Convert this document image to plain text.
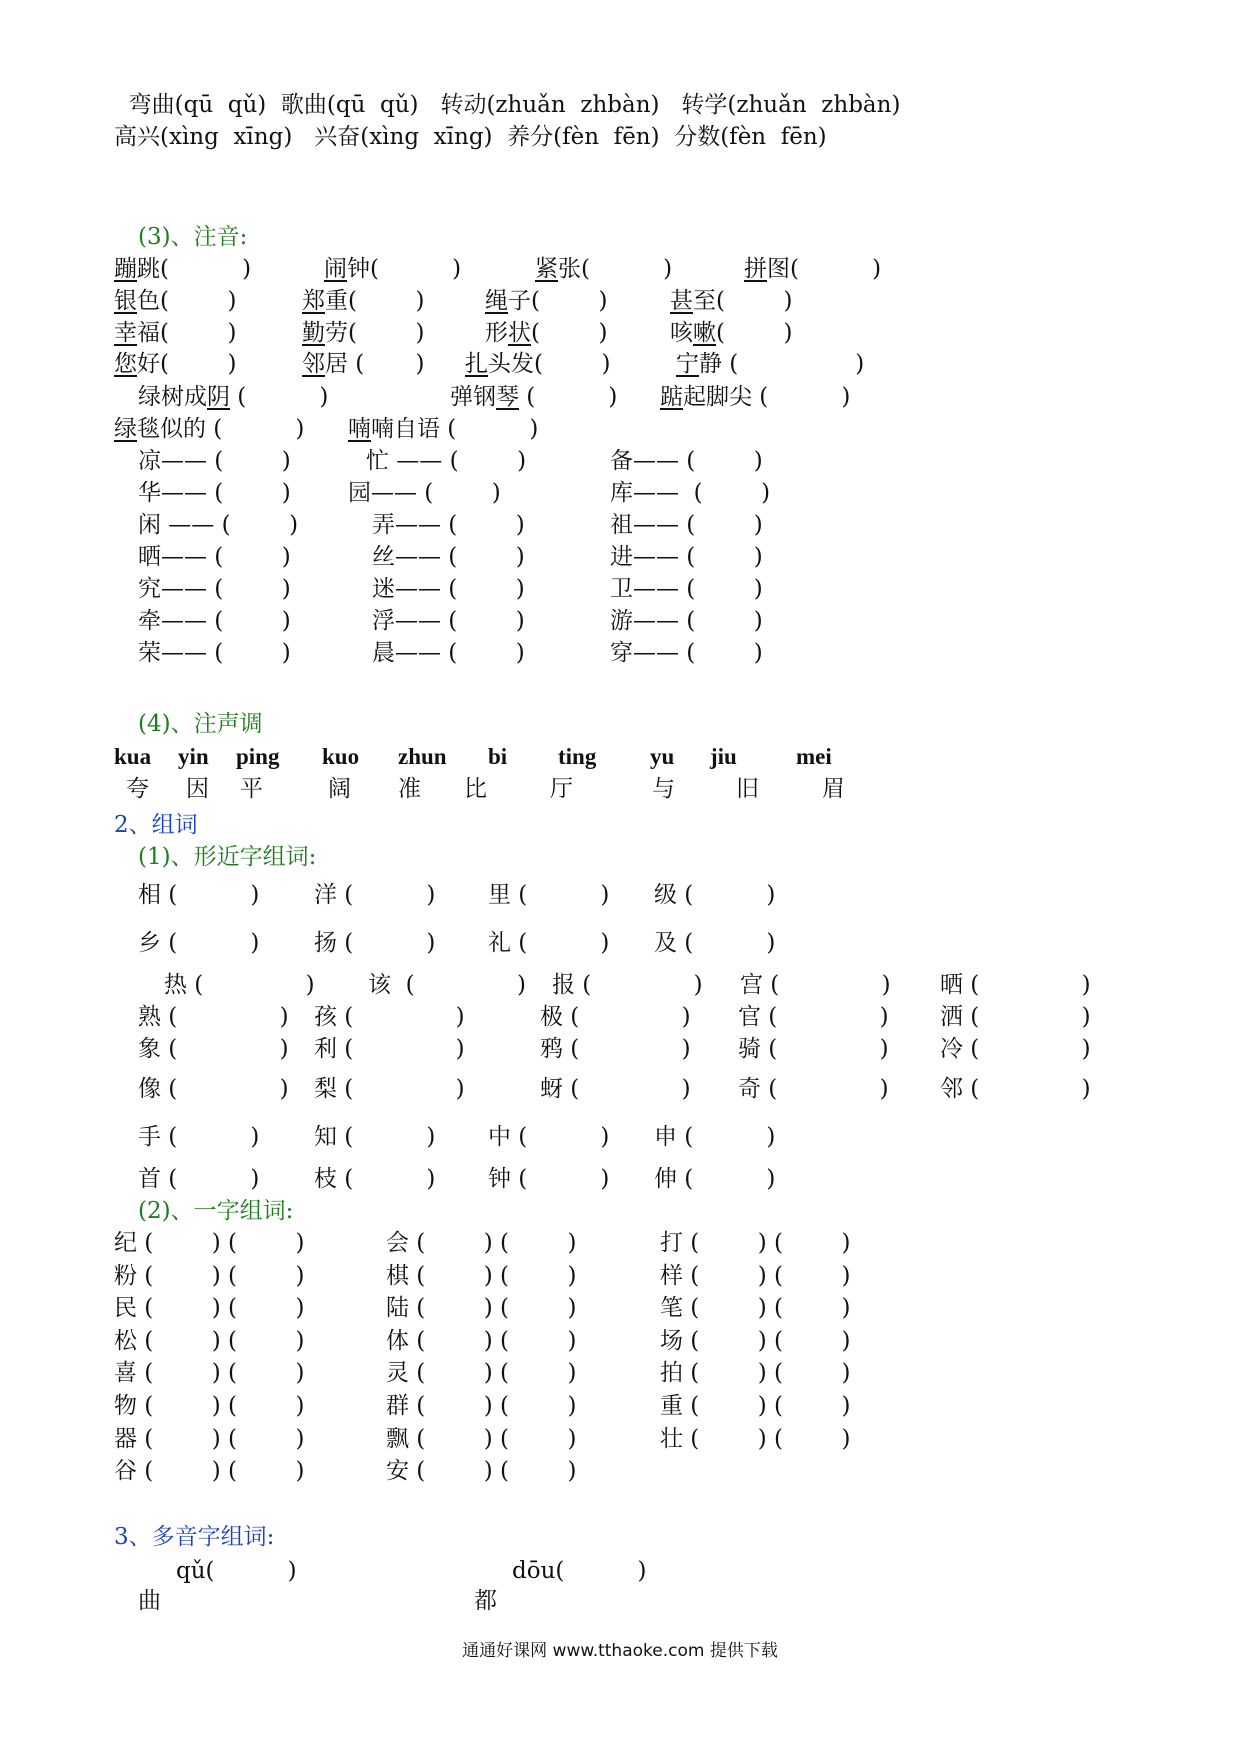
弯曲(qū  qǔ)  歌曲(qū  qǔ)   转动(zhuǎn  zhbàn)   转学(zhuǎn  zhbàn)
高兴(xìng  xīng)   兴奋(xìng  xīng)  养分(fèn  fēn)  分数(fèn  fēn)
(3)、注音:
蹦跳(          )	闹钟(          )	紧张(          )	拼图(          )
银色(        )	郑重(        )	绳子(        )	甚至(        )
幸福(        )	勤劳(        )	形状(        )	咳嗽(        )
您好(        )	邻居 (       ) 扎头发(        )	宁静 (                )
绿树成阴 (          )	弹钢琴 (          ) 踮起脚尖 (          )
绿毯似的 (          ) 喃喃自语 (          )
凉—— (        )	忙 —— (        )	备—— (        )
华—— (        ) 园—— (        )	库——  (        )
闲 —— (        )	弄—— (        )	祖—— (        )
晒—— (        )	丝—— (        )	进—— (        )
究—— (        )	迷—— (        )	卫—— (        )
牵—— (        )	浮—— (        )	游—— (        )
荣—— (        )	晨—— (        )	穿—— (        )
(4)、注声调
kua yin ping kuo zhun bi ting yu jiu	mei
夸 因 平	阔 准 比	厅	与	旧	眉
2、组词
(1)、形近字组词:
相 (          ) 洋 (          ) 里 (          ) 级 (          )
乡 (          ) 扬 (          ) 礼 (          ) 及 (          )
热 (              ) 该  (              ) 报 (              ) 宫 (              ) 晒 (              )
熟 (              ) 孩 (              )	极 (              ) 官 (              ) 洒 (              )
象 (              ) 利 (              )	鸦 (              ) 骑 (              ) 冷 (              )
像 (              ) 梨 (              )	蚜 (              ) 奇 (              ) 邻 (              )
手 (          ) 知 (          ) 中 (          ) 申 (          )
首 (          ) 枝 (          ) 钟 (          ) 伸 (          )
(2)、一字组词:
纪 (        ) (        )	会 (        ) (        )	打 (        ) (        )
粉 (        ) (        )	棋 (        ) (        )	样 (        ) (        )
民 (        ) (        )	陆 (        ) (        )	笔 (        ) (        )
松 (        ) (        )	体 (        ) (        )	场 (        ) (        )
喜 (        ) (        )	灵 (        ) (        )	拍 (        ) (        )
物 (        ) (        )	群 (        ) (        )	重 (        ) (        )
器 (        ) (        )	飘 (        ) (        )	壮 (        ) (        )
谷 (        ) (        )	安 (        ) (        )
3、多音字组词:
qǔ(          )
曲
dōu(          )
都
通通好课网 www.tthaoke.com 提供下载
